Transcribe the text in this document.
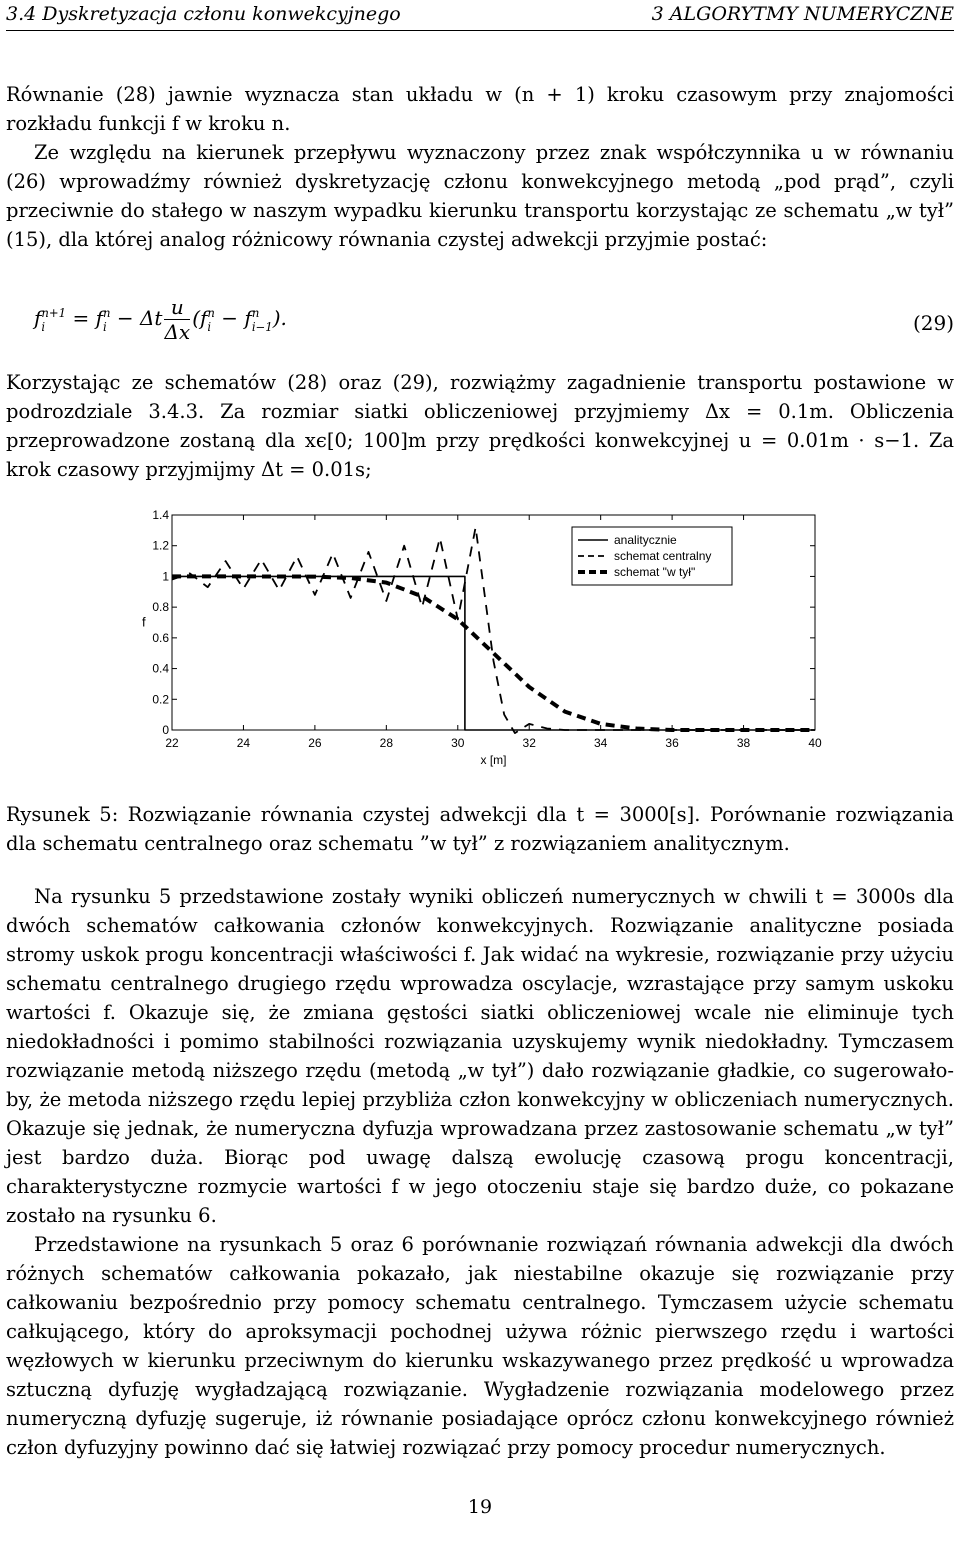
3.4 Dyskretyzacja członu konwekcyjnego	3 ALGORYTMY NUMERYCZNE
Równanie (28) jawnie wyznacza stan układu w (n + 1) kroku czasowym przy znajomości rozkładu funkcji f w kroku n.
Ze względu na kierunek przepływu wyznaczony przez znak współczynnika u w równaniu (26) wprowadźmy również dyskretyzację członu konwekcyjnego metodą „pod prąd”, czyli przeciwnie do stałego w naszym wypadku kierunku transportu korzystając ze schematu „w tył” (15), dla której analog różnicowy równania czystej adwekcji przyjmie postać:
f n+1
i	= f n
i − Δt $\frac{u}{\Delta x} (f$ n
i − f n
i−1 ).	(29)
Korzystając ze schematów (28) oraz (29), rozwiążmy zagadnienie transportu postawione w podrozdziale 3.4.3. Za rozmiar siatki obliczeniowej przyjmiemy Δx = 0.1m. Obliczenia przeprowadzone zostaną dla xϵ[0; 100]m przy prędkości konwekcyjnej u = 0.01m · s−1. Za krok czasowy przyjmijmy Δt = 0.01s;
0
0.2
0.4
0.6
0.8
1
1.2
1.4
22	24	26	28	30	32	34	36	38	40
x [m]
f
analitycznie
schemat centralny
schemat "w tył"
Rysunek 5: Rozwiązanie równania czystej adwekcji dla t = 3000[s]. Porównanie rozwiązania dla schematu centralnego oraz schematu ”w tył” z rozwiązaniem analitycznym.
Na rysunku 5 przedstawione zostały wyniki obliczeń numerycznych w chwili t = 3000s dla dwóch schematów całkowania członów konwekcyjnych. Rozwiązanie analityczne posiada stromy uskok progu koncentracji właściwości f. Jak widać na wykresie, rozwiązanie przy użyciu schematu centralnego drugiego rzędu wprowadza oscylacje, wzrastające przy samym uskoku wartości f. Okazuje się, że zmiana gęstości siatki obliczeniowej wcale nie eliminuje tych niedokładności i pomimo stabilności rozwiązania uzyskujemy wynik niedokładny. Tymczasem rozwiązanie metodą niższego rzędu (metodą „w tył”) dało rozwiązanie gładkie, co sugerowało-by, że metoda niższego rzędu lepiej przybliża człon konwekcyjny w obliczeniach numerycznych. Okazuje się jednak, że numeryczna dyfuzja wprowadzana przez zastosowanie schematu „w tył” jest bardzo duża. Biorąc pod uwagę dalszą ewolucję czasową progu koncentracji, charakterystyczne rozmycie wartości f w jego otoczeniu staje się bardzo duże, co pokazane zostało na rysunku 6.
Przedstawione na rysunkach 5 oraz 6 porównanie rozwiązań równania adwekcji dla dwóch różnych schematów całkowania pokazało, jak niestabilne okazuje się rozwiązanie przy całkowaniu bezpośrednio przy pomocy schematu centralnego. Tymczasem użycie schematu całkującego, który do aproksymacji pochodnej używa różnic pierwszego rzędu i wartości węzłowych w kierunku przeciwnym do kierunku wskazywanego przez prędkość u wprowadza sztuczną dyfuzję wygładzającą rozwiązanie. Wygładzenie rozwiązania modelowego przez numeryczną dyfuzję sugeruje, iż równanie posiadające oprócz członu konwekcyjnego również człon dyfuzyjny powinno dać się łatwiej rozwiązać przy pomocy procedur numerycznych.
19
